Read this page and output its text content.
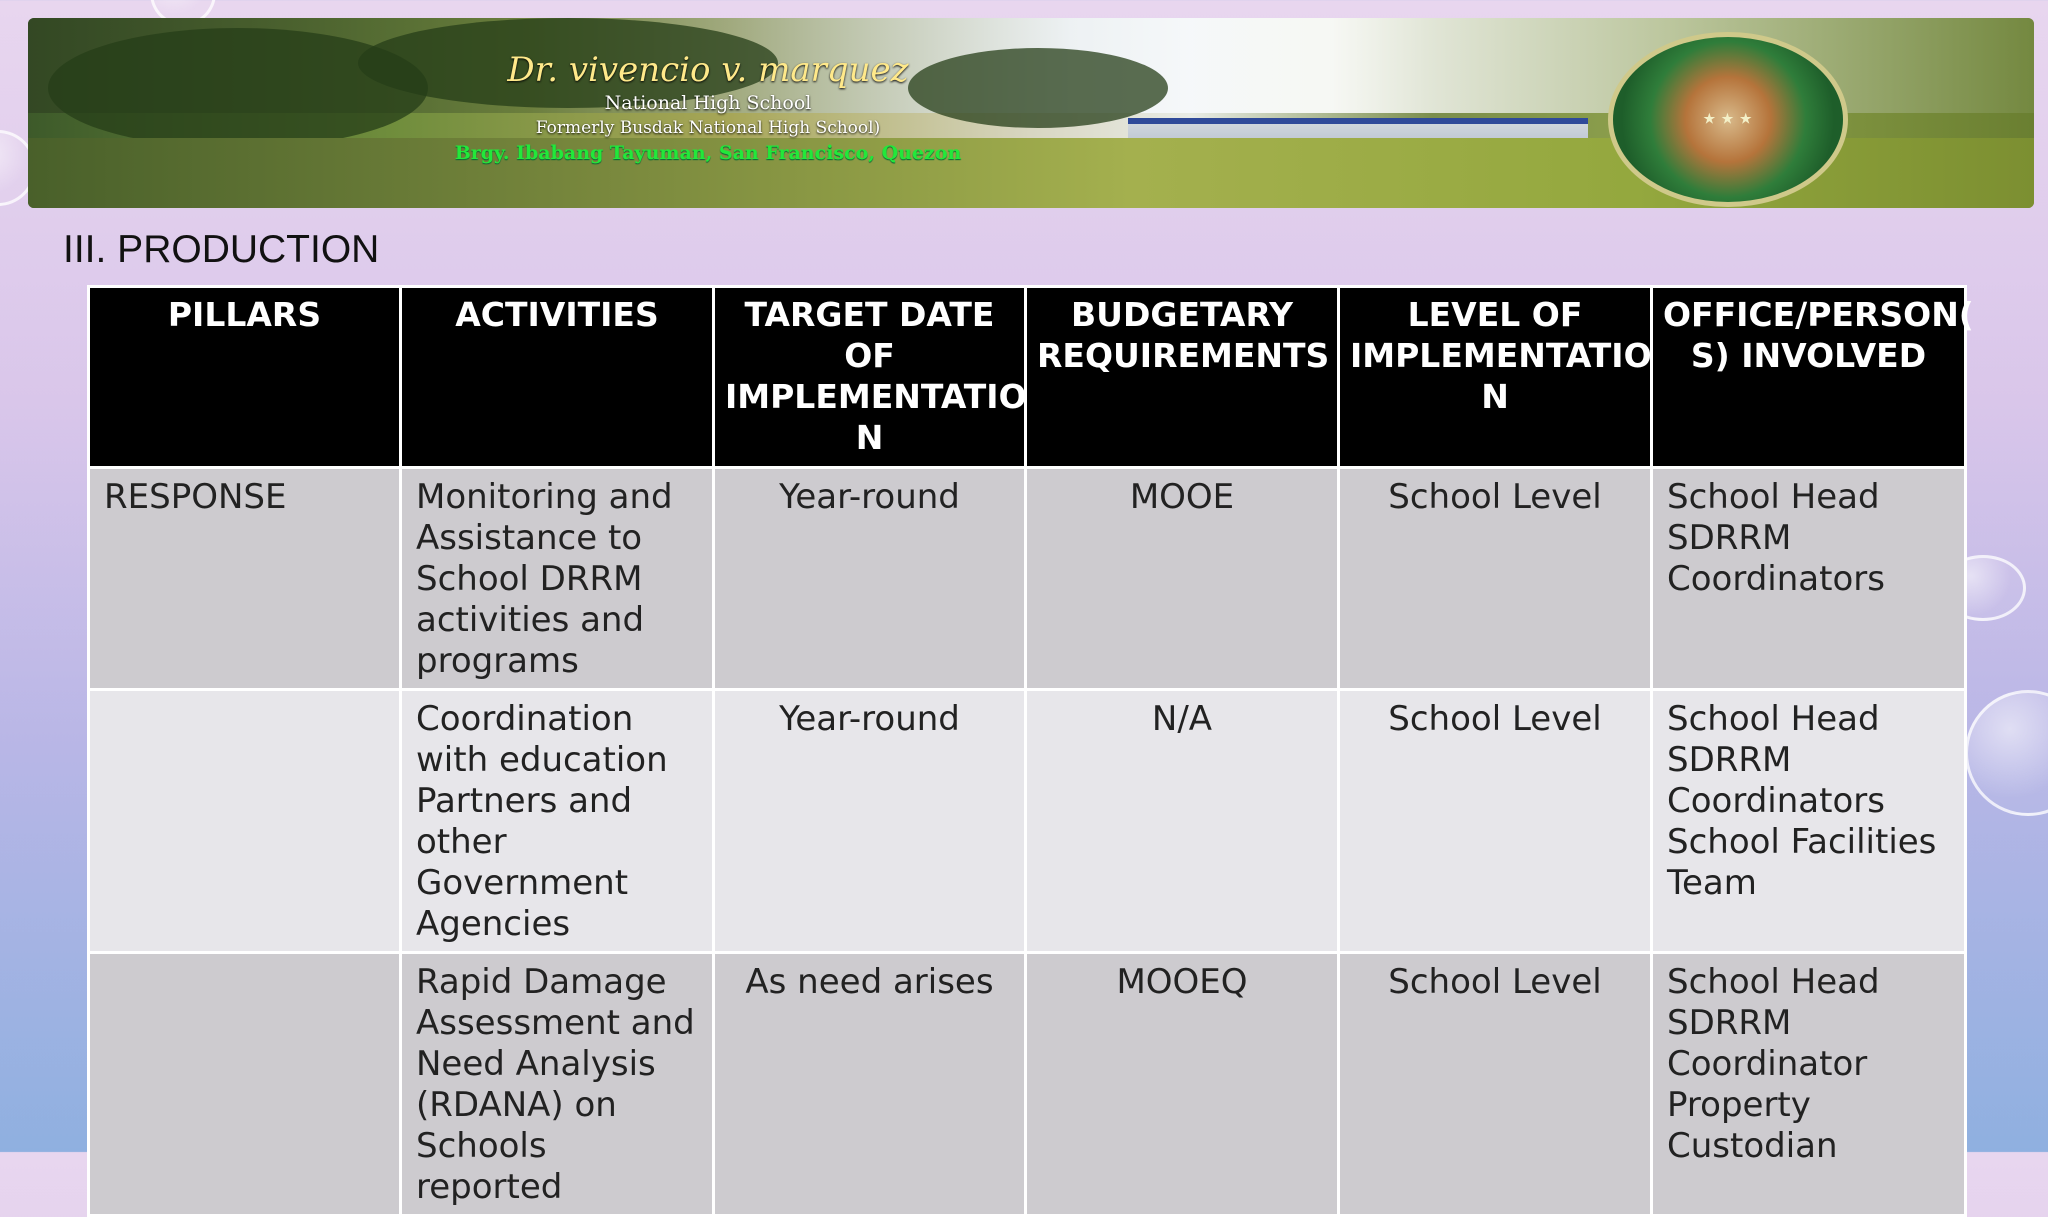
★ ★ ★
Dr. vivencio v. marquez
National High School
Formerly Busdak National High School)
Brgy. Ibabang Tayuman, San Francisco, Quezon
III. PRODUCTION
PILLARS	ACTIVITIES	TARGET DATE OF IMPLEMENTATIO N	BUDGETARY REQUIREMENTS	LEVEL OF IMPLEMENTATIO N	OFFICE/PERSON( S) INVOLVED
RESPONSE	Monitoring and Assistance to School DRRM activities and programs	Year-round	MOOE	School Level	School Head SDRRM Coordinators
	Coordination with education Partners and other Government Agencies	Year-round	N/A	School Level	School Head SDRRM Coordinators School Facilities Team
	Rapid Damage Assessment and Need Analysis (RDANA) on Schools reported	As need arises	MOOEQ	School Level	School Head SDRRM Coordinator Property Custodian
